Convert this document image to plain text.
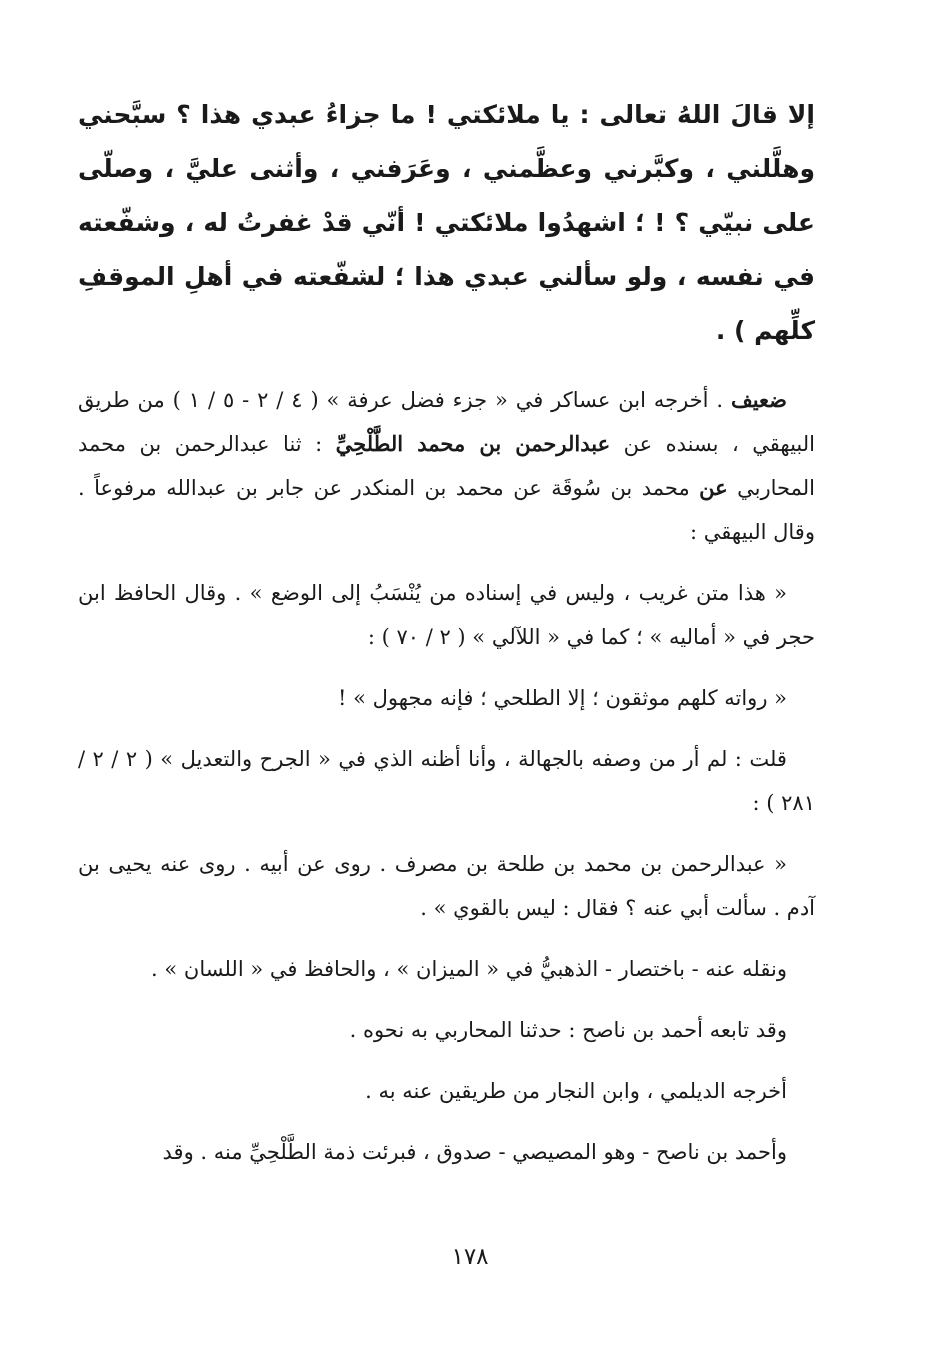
إلا قالَ اللهُ تعالى : يا ملائكتي ! ما جزاءُ عبدي هذا ؟ سبَّحني وهلَّلني ، وكبَّرني وعظَّمني ، وعَرَفني ، وأثنى عليَّ ، وصلّى على نبيّي ؟ ! ؛ اشهدُوا ملائكتي ! أنّي قدْ غفرتُ له ، وشفّعته في نفسه ، ولو سألني عبدي هذا ؛ لشفّعته في أهلِ الموقفِ كلِّهم ) .

ضعيف . أخرجه ابن عساكر في « جزء فضل عرفة » ( ٤ / ٢ - ٥ / ١ ) من طريق البيهقي ، بسنده عن عبدالرحمن بن محمد الطَّلْحِيِّ : ثنا عبدالرحمن بن محمد المحاربي عن محمد بن سُوقَة عن محمد بن المنكدر عن جابر بن عبدالله مرفوعاً . وقال البيهقي :

« هذا متن غريب ، وليس في إسناده من يُنْسَبُ إلى الوضع » . وقال الحافظ ابن حجر في « أماليه » ؛ كما في « اللآلي » ( ٢ / ٧٠ ) :

« رواته كلهم موثقون ؛ إلا الطلحي ؛ فإنه مجهول » !

قلت : لم أر من وصفه بالجهالة ، وأنا أظنه الذي في « الجرح والتعديل » ( ٢ / ٢ / ٢٨١ ) :

« عبدالرحمن بن محمد بن طلحة بن مصرف . روى عن أبيه . روى عنه يحيى بن آدم . سألت أبي عنه ؟ فقال : ليس بالقوي » .

ونقله عنه - باختصار - الذهبيُّ في « الميزان » ، والحافظ في « اللسان » .

وقد تابعه أحمد بن ناصح : حدثنا المحاربي به نحوه .

أخرجه الديلمي ، وابن النجار من طريقين عنه به .

وأحمد بن ناصح - وهو المصيصي - صدوق ، فبرئت ذمة الطَّلْحِيِّ منه . وقد

١٧٨
